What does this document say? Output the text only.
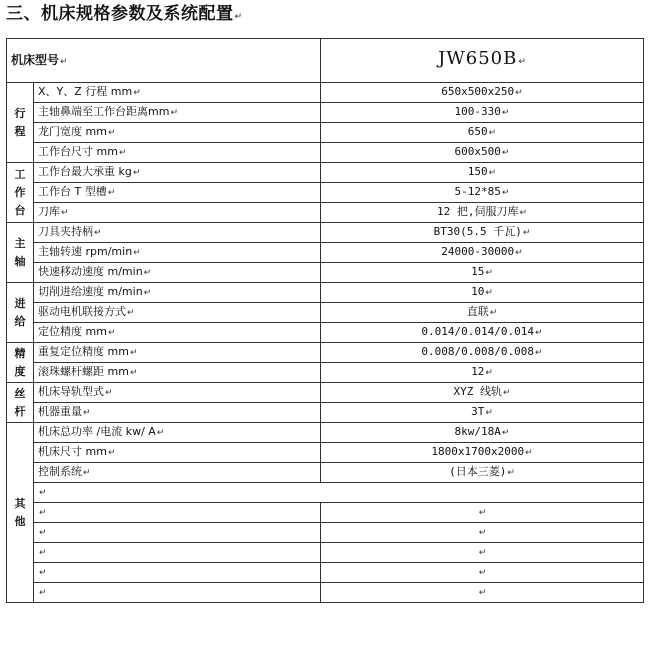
三、机床规格参数及系统配置↵
机床型号↵		JW650B↵

行
程	X、Y、Z 行程 mm↵	650x500x250↵
	主轴鼻端至工作台距离mm↵	100-330↵
	龙门宽度 mm↵	650↵
	工作台尺寸 mm↵	600x500↵

工
作
台	工作台最大承重 kg↵	150↵
	工作台 T 型槽↵	5-12*85↵
	刀库↵	12 把,伺服刀库↵

主
轴	刀具夹持柄↵	BT30(5.5 千瓦)↵
	主轴转速 rpm/min↵	24000-30000↵
	快速移动速度 m/min↵	15↵

进
给	切削进给速度 m/min↵	10↵
	驱动电机联接方式↵	直联↵
	定位精度 mm↵	0.014/0.014/0.014↵

精
度	重复定位精度 mm↵	0.008/0.008/0.008↵
	滚珠螺杆螺距 mm↵	12↵

丝
杆	机床导轨型式↵	XYZ 线轨↵
	机器重量↵	3T↵

其
他	机床总功率 /电流 kw/ A↵	8kw/18A↵
	机床尺寸 mm↵	1800x1700x2000↵
	控制系统↵	(日本三菱)↵
	↵	
	↵	↵
	↵	↵
	↵	↵
	↵	↵
	↵	↵
